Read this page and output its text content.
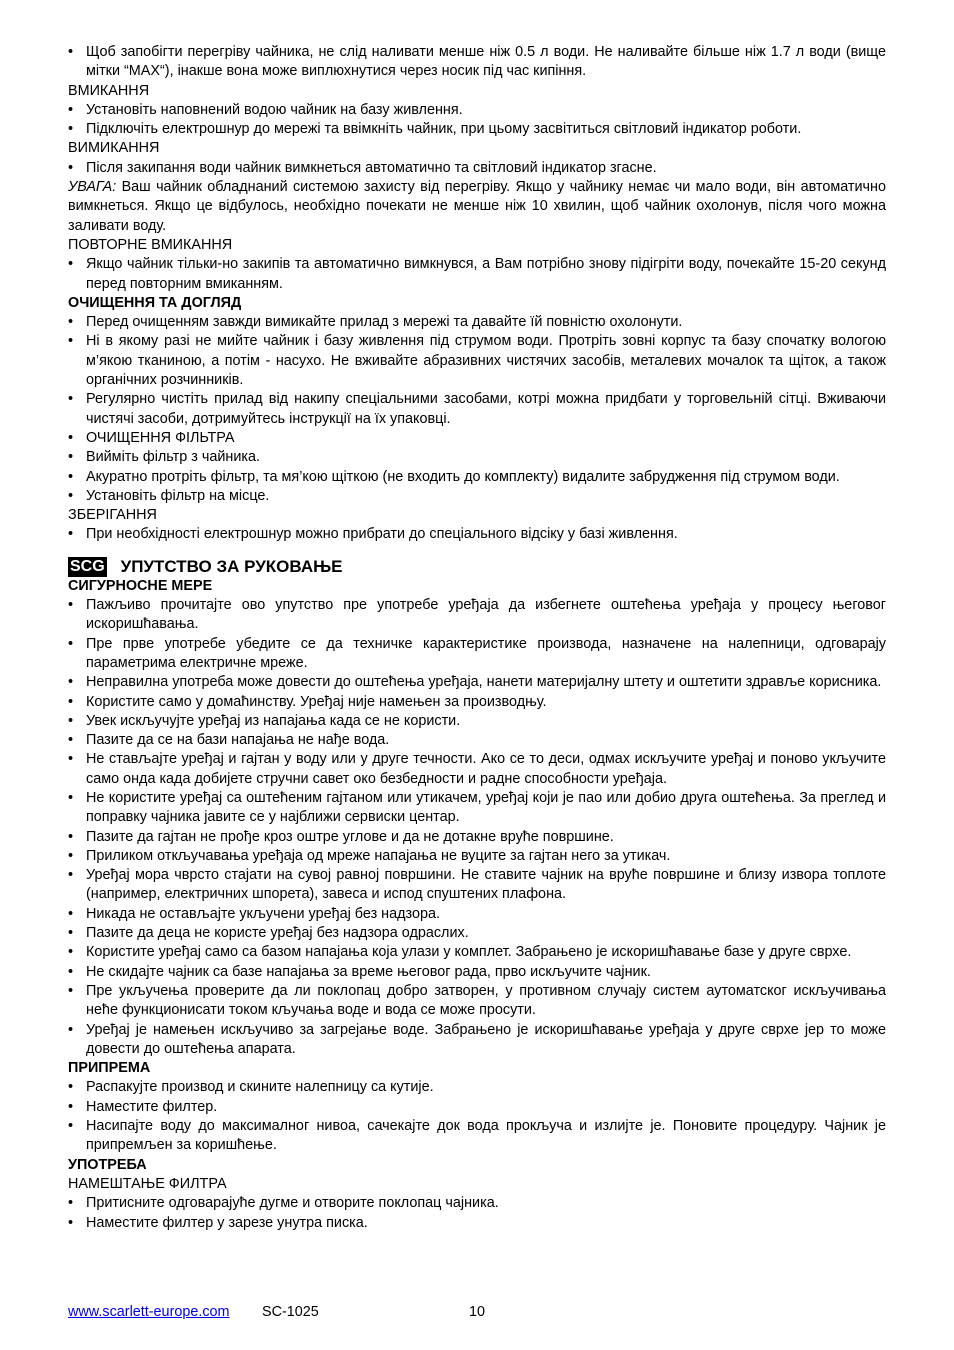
• Щоб запобігти перегріву чайника, не слід наливати менше ніж 0.5 л води. Не наливайте більше ніж 1.7 л води (вище мітки “MAX“), інакше вона може виплюхнутися через носик під час кипіння.
ВМИКАННЯ
• Установіть наповнений водою чайник на базу живлення.
• Підключіть електрошнур до мережі та ввімкніть чайник, при цьому засвітиться світловий індикатор роботи.
ВИМИКАННЯ
• Після закипання води чайник вимкнеться автоматично та світловий індикатор згасне.
УВАГА: Ваш чайник обладнаний системою захисту від перегріву. Якщо у чайнику немає чи мало води, він автоматично вимкнеться. Якщо це відбулось, необхідно почекати не менше ніж 10 хвилин, щоб чайник охолонув, після чого можна заливати воду.
ПОВТОРНЕ ВМИКАННЯ
• Якщо чайник тільки-но закипів та автоматично вимкнувся, а Вам потрібно знову підігріти воду, почекайте 15-20 секунд перед повторним вмиканням.
ОЧИЩЕННЯ ТА ДОГЛЯД
• Перед очищенням завжди вимикайте прилад з мережі та давайте їй повністю охолонути.
• Ні в якому разі не мийте чайник і базу живлення під струмом води. Протріть зовні корпус та базу спочатку вологою м’якою тканиною, а потім - насухо. Не вживайте абразивних чистячих засобів, металевих мочалок та щіток, а також органічних розчинників.
• Регулярно чистіть прилад від накипу спеціальними засобами, котрі можна придбати у торговельній сітці. Вживаючи чистячі засоби, дотримуйтесь інструкції на їх упаковці.
• ОЧИЩЕННЯ ФІЛЬТРА
• Вийміть фільтр з чайника.
• Акуратно протріть фільтр, та мя’кою щіткою (не входить до комплекту) видалите забрудження під струмом води.
• Установіть фільтр на місце.
ЗБЕРІГАННЯ
• При необхідності електрошнур можно прибрати до спеціального відсіку у базі живлення.
SCG УПУТСТВО ЗА РУКОВАЊЕ
СИГУРНОСНЕ МЕРЕ
• Пажљиво прочитајте ово упутство пре употребе уређаја да избегнете оштећења уређаја у процесу његовог искоришћавања.
• Пре прве употребе убедите се да техничке карактеристике производа, назначене на налепници, одговарају параметрима електричне мреже.
• Неправилна употреба може довести до оштећења уређаја, нанети материјалну штету и оштетити здравље корисника.
• Користите само у домаћинству. Уређај није намењен за производњу.
• Увек искључујте уређај из напајања када се не користи.
• Пазите да се на бази напајања не нађе вода.
• Не стављајте уређај и гајтан у воду или у друге течности. Ако се то деси, одмах искључите уређај и поново укључите само онда када добијете стручни савет око безбедности и радне способности уређаја.
• Не користите уређај са оштећеним гајтаном или утикачем, уређај који је пао или добио друга оштећења. За преглед и поправку чајника јавите се у најближи сервиски центар.
• Пазите да гајтан не прође кроз оштре углове и да не дотакне вруће површине.
• Приликом откључавања уређаја од мреже напајања не вуците за гајтан него за утикач.
• Уређај мора чврсто стајати на сувој равној површини. Не ставите чајник на вруће површине и близу извора топлоте (например, електричних шпорета), завеса и испод спуштених плафона.
• Никада не остављајте укључени уређај без надзора.
• Пазите да деца не користе уређај без надзора одраслих.
• Користите уређај само са базом напајања која улази у комплет. Забрањено је искоришћавање базе у друге сврхе.
• Не скидајте чајник са базе напајања за време његовог рада, прво искључите чајник.
• Пре укључења проверите да ли поклопац добро затворен, у противном случају систем аутоматског искључивања неће функционисати током кључања воде и вода се може просути.
• Уређај је намењен искључиво за загрејање воде. Забрањено је искоришћавање уређаја у друге сврхе јер то може довести до оштећења апарата.
ПРИПРЕМА
• Распакујте производ и скините налепницу са кутије.
• Наместите филтер.
• Насипајте воду до максималног нивоа, сачекајте док вода прокључа и излијте је. Поновите процедуру. Чајник је припремљен за коришћење.
УПОТРЕБА
НАМЕШТАЊЕ ФИЛТРА
• Притисните одговарајуће дугме и отворите поклопац чајника.
• Наместите филтер у зарезе унутра писка.
www.scarlett-europe.com SC-1025	10
